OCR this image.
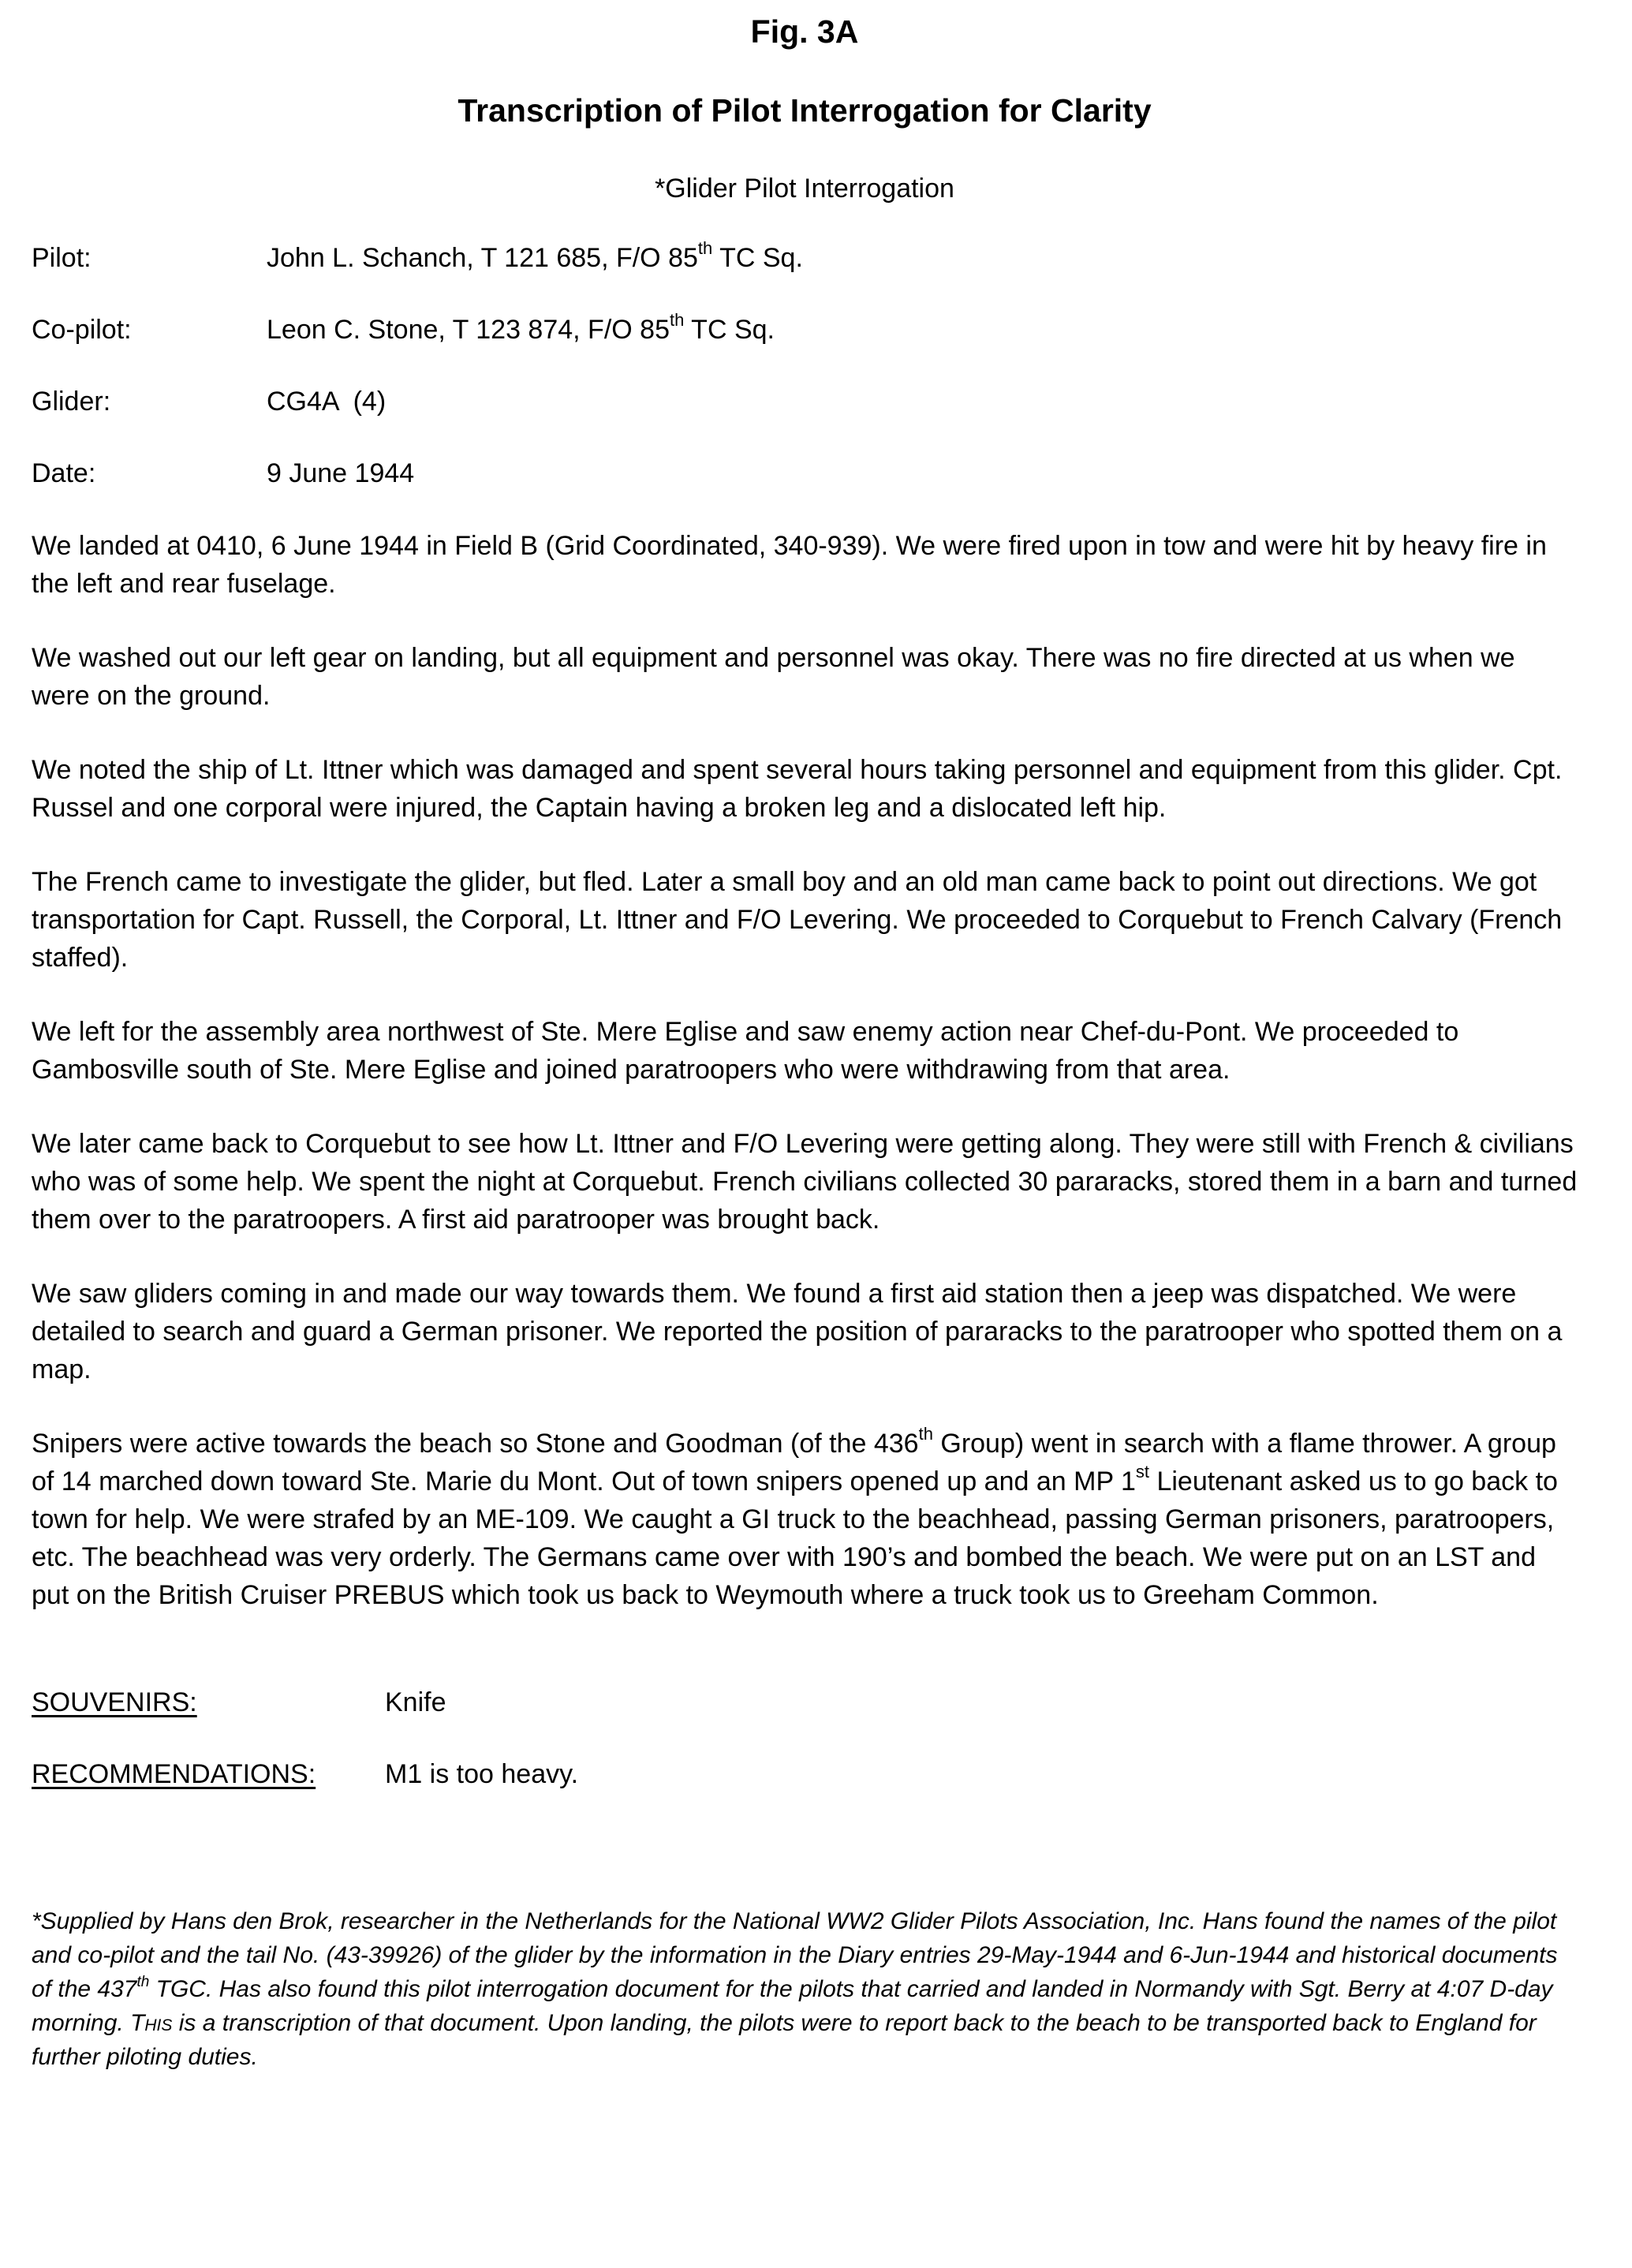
Fig. 3A
Transcription of Pilot Interrogation for Clarity
*Glider Pilot Interrogation
Pilot:	John L. Schanch, T 121 685, F/O 85th TC Sq.
Co-pilot:	Leon C. Stone, T 123 874, F/O 85th TC Sq.
Glider:	CG4A  (4)
Date:	9 June 1944

We landed at 0410, 6 June 1944 in Field B (Grid Coordinated, 340-939). We were fired upon in tow and were hit by heavy fire in the left and rear fuselage.

We washed out our left gear on landing, but all equipment and personnel was okay. There was no fire directed at us when we were on the ground.

We noted the ship of Lt. Ittner which was damaged and spent several hours taking personnel and equipment from this glider. Cpt. Russel and one corporal were injured, the Captain having a broken leg and a dislocated left hip.

The French came to investigate the glider, but fled. Later a small boy and an old man came back to point out directions. We got transportation for Capt. Russell, the Corporal, Lt. Ittner and F/O Levering. We proceeded to Corquebut to French Calvary (French staffed).

We left for the assembly area northwest of Ste. Mere Eglise and saw enemy action near Chef-du-Pont. We proceeded to Gambosville south of Ste. Mere Eglise and joined paratroopers who were withdrawing from that area.

We later came back to Corquebut to see how Lt. Ittner and F/O Levering were getting along. They were still with French & civilians who was of some help. We spent the night at Corquebut. French civilians collected 30 pararacks, stored them in a barn and turned them over to the paratroopers. A first aid paratrooper was brought back.

We saw gliders coming in and made our way towards them. We found a first aid station then a jeep was dispatched. We were detailed to search and guard a German prisoner. We reported the position of pararacks to the paratrooper who spotted them on a map.

Snipers were active towards the beach so Stone and Goodman (of the 436th Group) went in search with a flame thrower. A group of 14 marched down toward Ste. Marie du Mont. Out of town snipers opened up and an MP 1st Lieutenant asked us to go back to town for help. We were strafed by an ME-109. We caught a GI truck to the beachhead, passing German prisoners, paratroopers, etc. The beachhead was very orderly. The Germans came over with 190’s and bombed the beach. We were put on an LST and put on the British Cruiser PREBUS which took us back to Weymouth where a truck took us to Greeham Common.

SOUVENIRS:	Knife
RECOMMENDATIONS:	M1 is too heavy.
*Supplied by Hans den Brok, researcher in the Netherlands for the National WW2 Glider Pilots Association, Inc. Hans found the names of the pilot and co-pilot and the tail No. (43-39926) of the glider by the information in the Diary entries 29-May-1944 and 6-Jun-1944 and historical documents of the 437th TGC. Has also found this pilot interrogation document for the pilots that carried and landed in Normandy with Sgt. Berry at 4:07 D-day morning. This is a transcription of that document. Upon landing, the pilots were to report back to the beach to be transported back to England for further piloting duties.
